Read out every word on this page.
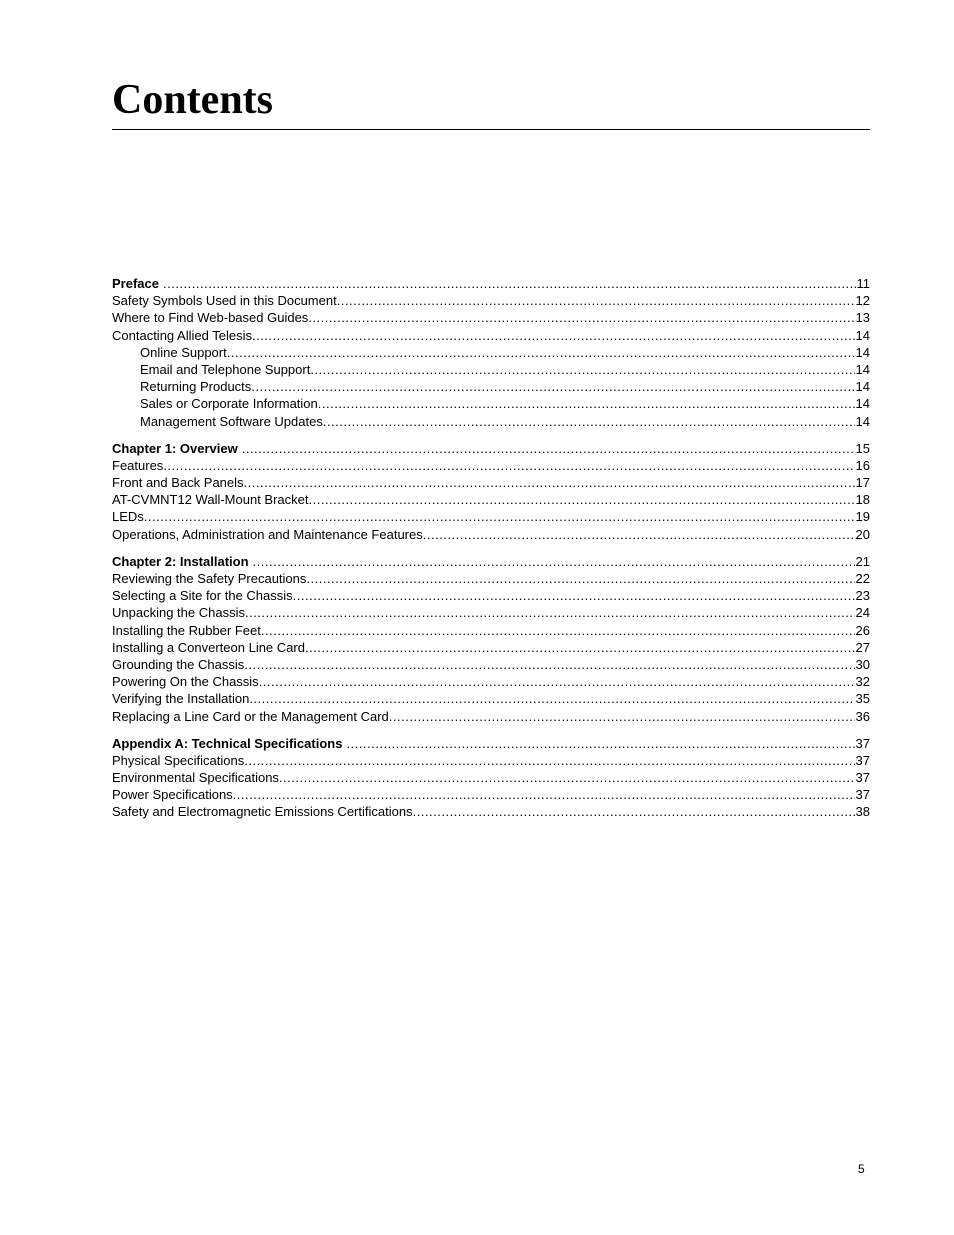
Contents
Preface .....	11
Safety Symbols Used in this Document .....	12
Where to Find Web-based Guides .....	13
Contacting Allied Telesis .....	14
Online Support .....	14
Email and Telephone Support .....	14
Returning Products .....	14
Sales or Corporate Information .....	14
Management Software Updates .....	14
Chapter 1: Overview .....	15
Features .....	16
Front and Back Panels .....	17
AT-CVMNT12 Wall-Mount Bracket .....	18
LEDs .....	19
Operations, Administration and Maintenance Features .....	20
Chapter 2: Installation .....	21
Reviewing the Safety Precautions .....	22
Selecting a Site for the Chassis .....	23
Unpacking the Chassis .....	24
Installing the Rubber Feet .....	26
Installing a Converteon Line Card .....	27
Grounding the Chassis .....	30
Powering On the Chassis .....	32
Verifying the Installation .....	35
Replacing a Line Card or the Management Card .....	36
Appendix A: Technical Specifications .....	37
Physical Specifications .....	37
Environmental Specifications .....	37
Power Specifications .....	37
Safety and Electromagnetic Emissions Certifications .....	38
5
